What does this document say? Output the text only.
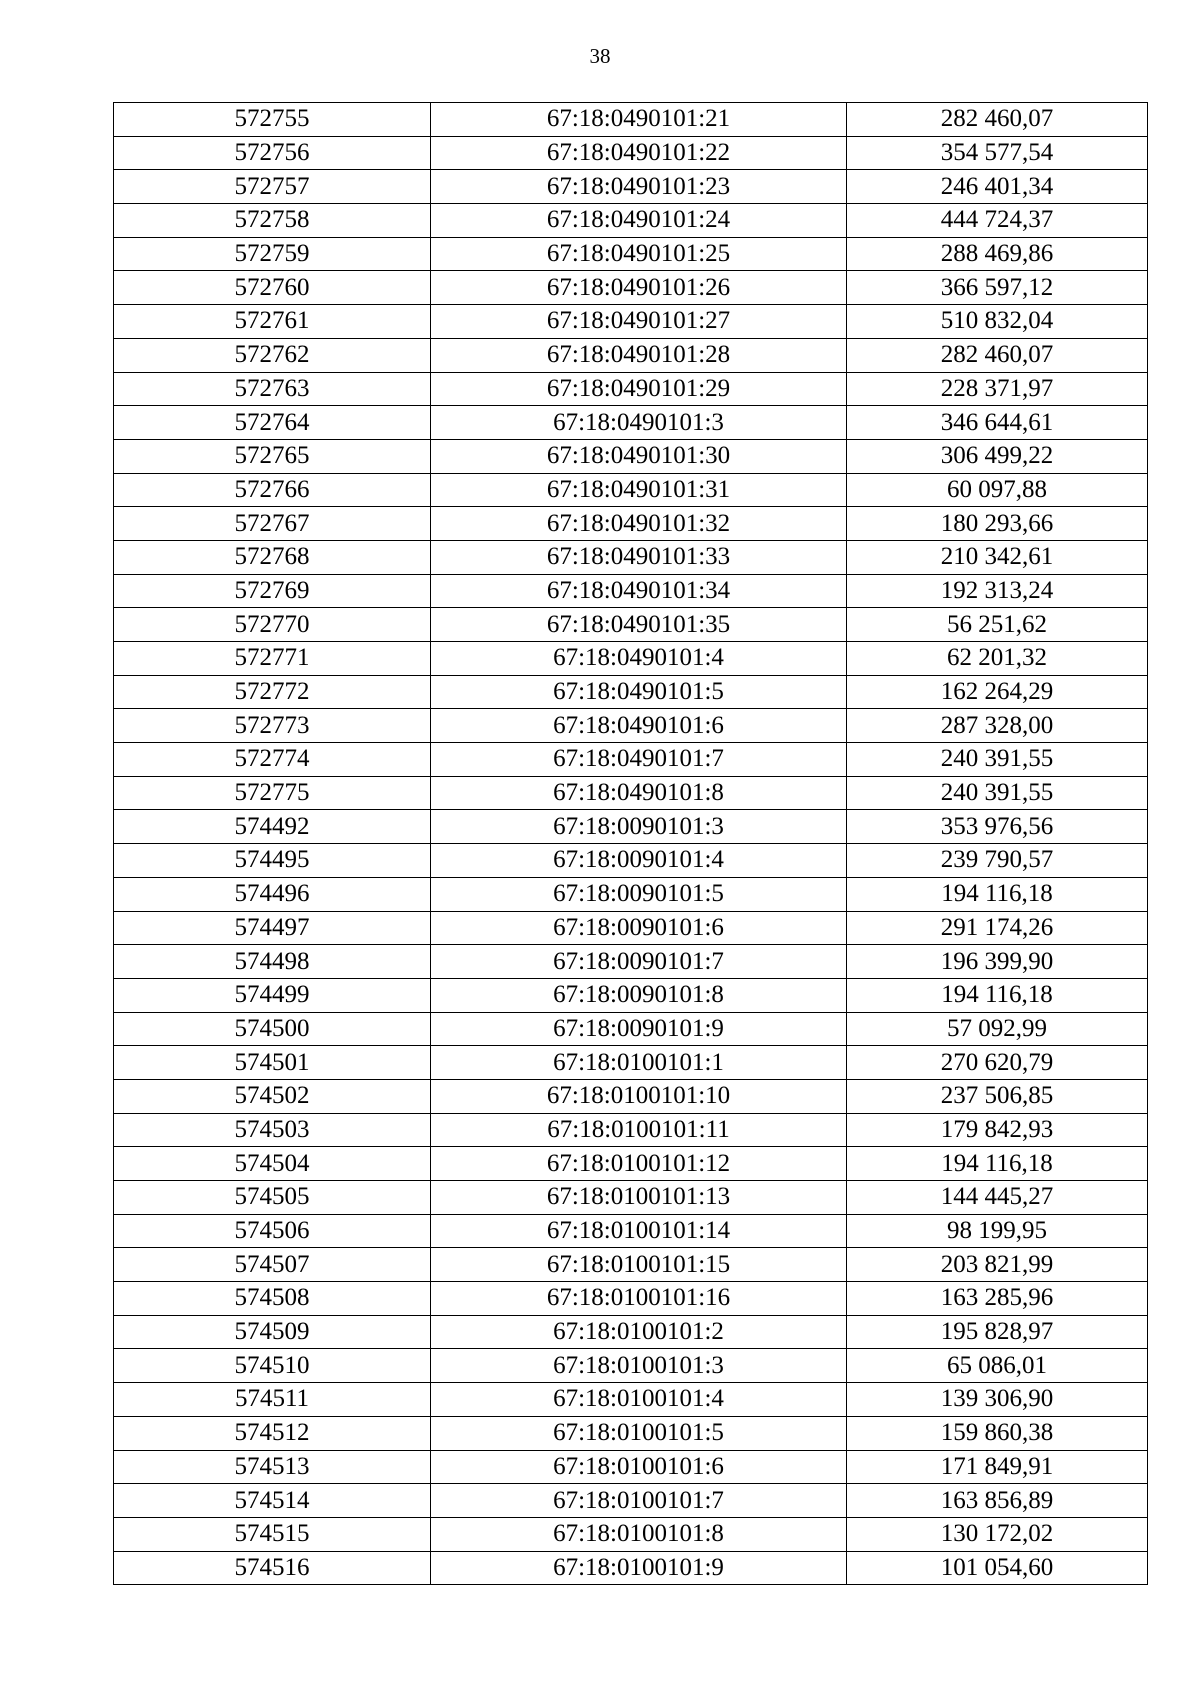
38
572755	67:18:0490101:21	282 460,07
572756	67:18:0490101:22	354 577,54
572757	67:18:0490101:23	246 401,34
572758	67:18:0490101:24	444 724,37
572759	67:18:0490101:25	288 469,86
572760	67:18:0490101:26	366 597,12
572761	67:18:0490101:27	510 832,04
572762	67:18:0490101:28	282 460,07
572763	67:18:0490101:29	228 371,97
572764	67:18:0490101:3	346 644,61
572765	67:18:0490101:30	306 499,22
572766	67:18:0490101:31	60 097,88
572767	67:18:0490101:32	180 293,66
572768	67:18:0490101:33	210 342,61
572769	67:18:0490101:34	192 313,24
572770	67:18:0490101:35	56 251,62
572771	67:18:0490101:4	62 201,32
572772	67:18:0490101:5	162 264,29
572773	67:18:0490101:6	287 328,00
572774	67:18:0490101:7	240 391,55
572775	67:18:0490101:8	240 391,55
574492	67:18:0090101:3	353 976,56
574495	67:18:0090101:4	239 790,57
574496	67:18:0090101:5	194 116,18
574497	67:18:0090101:6	291 174,26
574498	67:18:0090101:7	196 399,90
574499	67:18:0090101:8	194 116,18
574500	67:18:0090101:9	57 092,99
574501	67:18:0100101:1	270 620,79
574502	67:18:0100101:10	237 506,85
574503	67:18:0100101:11	179 842,93
574504	67:18:0100101:12	194 116,18
574505	67:18:0100101:13	144 445,27
574506	67:18:0100101:14	98 199,95
574507	67:18:0100101:15	203 821,99
574508	67:18:0100101:16	163 285,96
574509	67:18:0100101:2	195 828,97
574510	67:18:0100101:3	65 086,01
574511	67:18:0100101:4	139 306,90
574512	67:18:0100101:5	159 860,38
574513	67:18:0100101:6	171 849,91
574514	67:18:0100101:7	163 856,89
574515	67:18:0100101:8	130 172,02
574516	67:18:0100101:9	101 054,60
